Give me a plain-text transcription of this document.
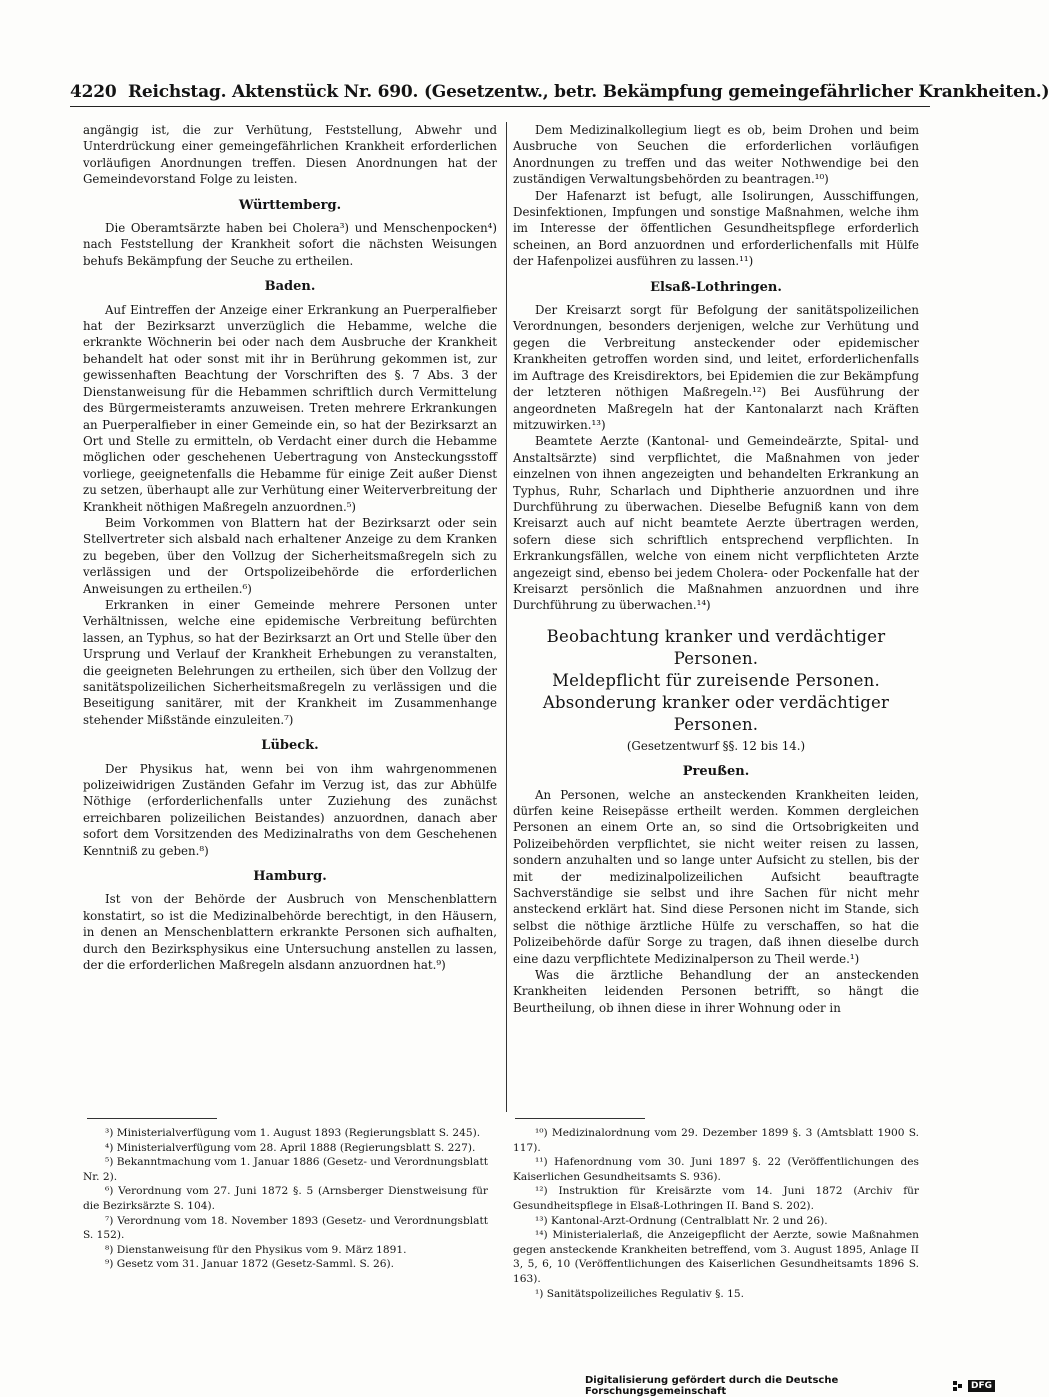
4220 Reichstag. Aktenstück Nr. 690. (Gesetzentw., betr. Bekämpfung gemeingefährlicher Krankheiten.)

angängig ist, die zur Verhütung, Feststellung, Abwehr und Unterdrückung einer gemeingefährlichen Krankheit erforderlichen vorläufigen Anordnungen treffen. Diesen Anordnungen hat der Gemeindevorstand Folge zu leisten.

Württemberg.

Die Oberamtsärzte haben bei Cholera³) und Menschenpocken⁴) nach Feststellung der Krankheit sofort die nächsten Weisungen behufs Bekämpfung der Seuche zu ertheilen.

Baden.

Auf Eintreffen der Anzeige einer Erkrankung an Puerperalfieber hat der Bezirksarzt unverzüglich die Hebamme, welche die erkrankte Wöchnerin bei oder nach dem Ausbruche der Krankheit behandelt hat oder sonst mit ihr in Berührung gekommen ist, zur gewissenhaften Beachtung der Vorschriften des §. 7 Abs. 3 der Dienstanweisung für die Hebammen schriftlich durch Vermittelung des Bürgermeisteramts anzuweisen. Treten mehrere Erkrankungen an Puerperalfieber in einer Gemeinde ein, so hat der Bezirksarzt an Ort und Stelle zu ermitteln, ob Verdacht einer durch die Hebamme möglichen oder geschehenen Uebertragung von Ansteckungsstoff vorliege, geeignetenfalls die Hebamme für einige Zeit außer Dienst zu setzen, überhaupt alle zur Verhütung einer Weiterverbreitung der Krankheit nöthigen Maßregeln anzuordnen.⁵)

Beim Vorkommen von Blattern hat der Bezirksarzt oder sein Stellvertreter sich alsbald nach erhaltener Anzeige zu dem Kranken zu begeben, über den Vollzug der Sicherheitsmaßregeln sich zu verlässigen und der Ortspolizeibehörde die erforderlichen Anweisungen zu ertheilen.⁶)

Erkranken in einer Gemeinde mehrere Personen unter Verhältnissen, welche eine epidemische Verbreitung befürchten lassen, an Typhus, so hat der Bezirksarzt an Ort und Stelle über den Ursprung und Verlauf der Krankheit Erhebungen zu veranstalten, die geeigneten Belehrungen zu ertheilen, sich über den Vollzug der sanitätspolizeilichen Sicherheitsmaßregeln zu verlässigen und die Beseitigung sanitärer, mit der Krankheit im Zusammenhange stehender Mißstände einzuleiten.⁷)

Lübeck.

Der Physikus hat, wenn bei von ihm wahrgenommenen polizeiwidrigen Zuständen Gefahr im Verzug ist, das zur Abhülfe Nöthige (erforderlichenfalls unter Zuziehung des zunächst erreichbaren polizeilichen Beistandes) anzuordnen, danach aber sofort dem Vorsitzenden des Medizinalraths von dem Geschehenen Kenntniß zu geben.⁸)

Hamburg.

Ist von der Behörde der Ausbruch von Menschenblattern konstatirt, so ist die Medizinalbehörde berechtigt, in den Häusern, in denen an Menschenblattern erkrankte Personen sich aufhalten, durch den Bezirksphysikus eine Untersuchung anstellen zu lassen, der die erforderlichen Maßregeln alsdann anzuordnen hat.⁹)

Dem Medizinalkollegium liegt es ob, beim Drohen und beim Ausbruche von Seuchen die erforderlichen vorläufigen Anordnungen zu treffen und das weiter Nothwendige bei den zuständigen Verwaltungsbehörden zu beantragen.¹⁰)

Der Hafenarzt ist befugt, alle Isolirungen, Ausschiffungen, Desinfektionen, Impfungen und sonstige Maßnahmen, welche ihm im Interesse der öffentlichen Gesundheitspflege erforderlich scheinen, an Bord anzuordnen und erforderlichenfalls mit Hülfe der Hafenpolizei ausführen zu lassen.¹¹)

Elsaß-Lothringen.

Der Kreisarzt sorgt für Befolgung der sanitätspolizeilichen Verordnungen, besonders derjenigen, welche zur Verhütung und gegen die Verbreitung ansteckender oder epidemischer Krankheiten getroffen worden sind, und leitet, erforderlichenfalls im Auftrage des Kreisdirektors, bei Epidemien die zur Bekämpfung der letzteren nöthigen Maßregeln.¹²) Bei Ausführung der angeordneten Maßregeln hat der Kantonalarzt nach Kräften mitzuwirken.¹³)

Beamtete Aerzte (Kantonal- und Gemeindeärzte, Spital- und Anstaltsärzte) sind verpflichtet, die Maßnahmen von jeder einzelnen von ihnen angezeigten und behandelten Erkrankung an Typhus, Ruhr, Scharlach und Diphtherie anzuordnen und ihre Durchführung zu überwachen. Dieselbe Befugniß kann von dem Kreisarzt auch auf nicht beamtete Aerzte übertragen werden, sofern diese sich schriftlich entsprechend verpflichten. In Erkrankungsfällen, welche von einem nicht verpflichteten Arzte angezeigt sind, ebenso bei jedem Cholera- oder Pockenfalle hat der Kreisarzt persönlich die Maßnahmen anzuordnen und ihre Durchführung zu überwachen.¹⁴)

Beobachtung kranker und verdächtiger Personen.
Meldepflicht für zureisende Personen.
Absonderung kranker oder verdächtiger Personen.
(Gesetzentwurf §§. 12 bis 14.)
Preußen.

An Personen, welche an ansteckenden Krankheiten leiden, dürfen keine Reisepässe ertheilt werden. Kommen dergleichen Personen an einem Orte an, so sind die Ortsobrigkeiten und Polizeibehörden verpflichtet, sie nicht weiter reisen zu lassen, sondern anzuhalten und so lange unter Aufsicht zu stellen, bis der mit der medizinalpolizeilichen Aufsicht beauftragte Sachverständige sie selbst und ihre Sachen für nicht mehr ansteckend erklärt hat. Sind diese Personen nicht im Stande, sich selbst die nöthige ärztliche Hülfe zu verschaffen, so hat die Polizeibehörde dafür Sorge zu tragen, daß ihnen dieselbe durch eine dazu verpflichtete Medizinalperson zu Theil werde.¹)

Was die ärztliche Behandlung der an ansteckenden Krankheiten leidenden Personen betrifft, so hängt die Beurtheilung, ob ihnen diese in ihrer Wohnung oder in

³) Ministerialverfügung vom 1. August 1893 (Regierungsblatt S. 245).
⁴) Ministerialverfügung vom 28. April 1888 (Regierungsblatt S. 227).
⁵) Bekanntmachung vom 1. Januar 1886 (Gesetz- und Verordnungsblatt Nr. 2).
⁶) Verordnung vom 27. Juni 1872 §. 5 (Arnsberger Dienstweisung für die Bezirksärzte S. 104).
⁷) Verordnung vom 18. November 1893 (Gesetz- und Verordnungsblatt S. 152).
⁸) Dienstanweisung für den Physikus vom 9. März 1891.
⁹) Gesetz vom 31. Januar 1872 (Gesetz-Samml. S. 26).
¹⁰) Medizinalordnung vom 29. Dezember 1899 §. 3 (Amtsblatt 1900 S. 117).
¹¹) Hafenordnung vom 30. Juni 1897 §. 22 (Veröffentlichungen des Kaiserlichen Gesundheitsamts S. 936).
¹²) Instruktion für Kreisärzte vom 14. Juni 1872 (Archiv für Gesundheitspflege in Elsaß-Lothringen II. Band S. 202).
¹³) Kantonal-Arzt-Ordnung (Centralblatt Nr. 2 und 26).
¹⁴) Ministerialerlaß, die Anzeigepflicht der Aerzte, sowie Maßnahmen gegen ansteckende Krankheiten betreffend, vom 3. August 1895, Anlage II 3, 5, 6, 10 (Veröffentlichungen des Kaiserlichen Gesundheitsamts 1896 S. 163).
¹) Sanitätspolizeiliches Regulativ §. 15.
Digitalisierung gefördert durch die Deutsche Forschungsgemeinschaft	DFG
